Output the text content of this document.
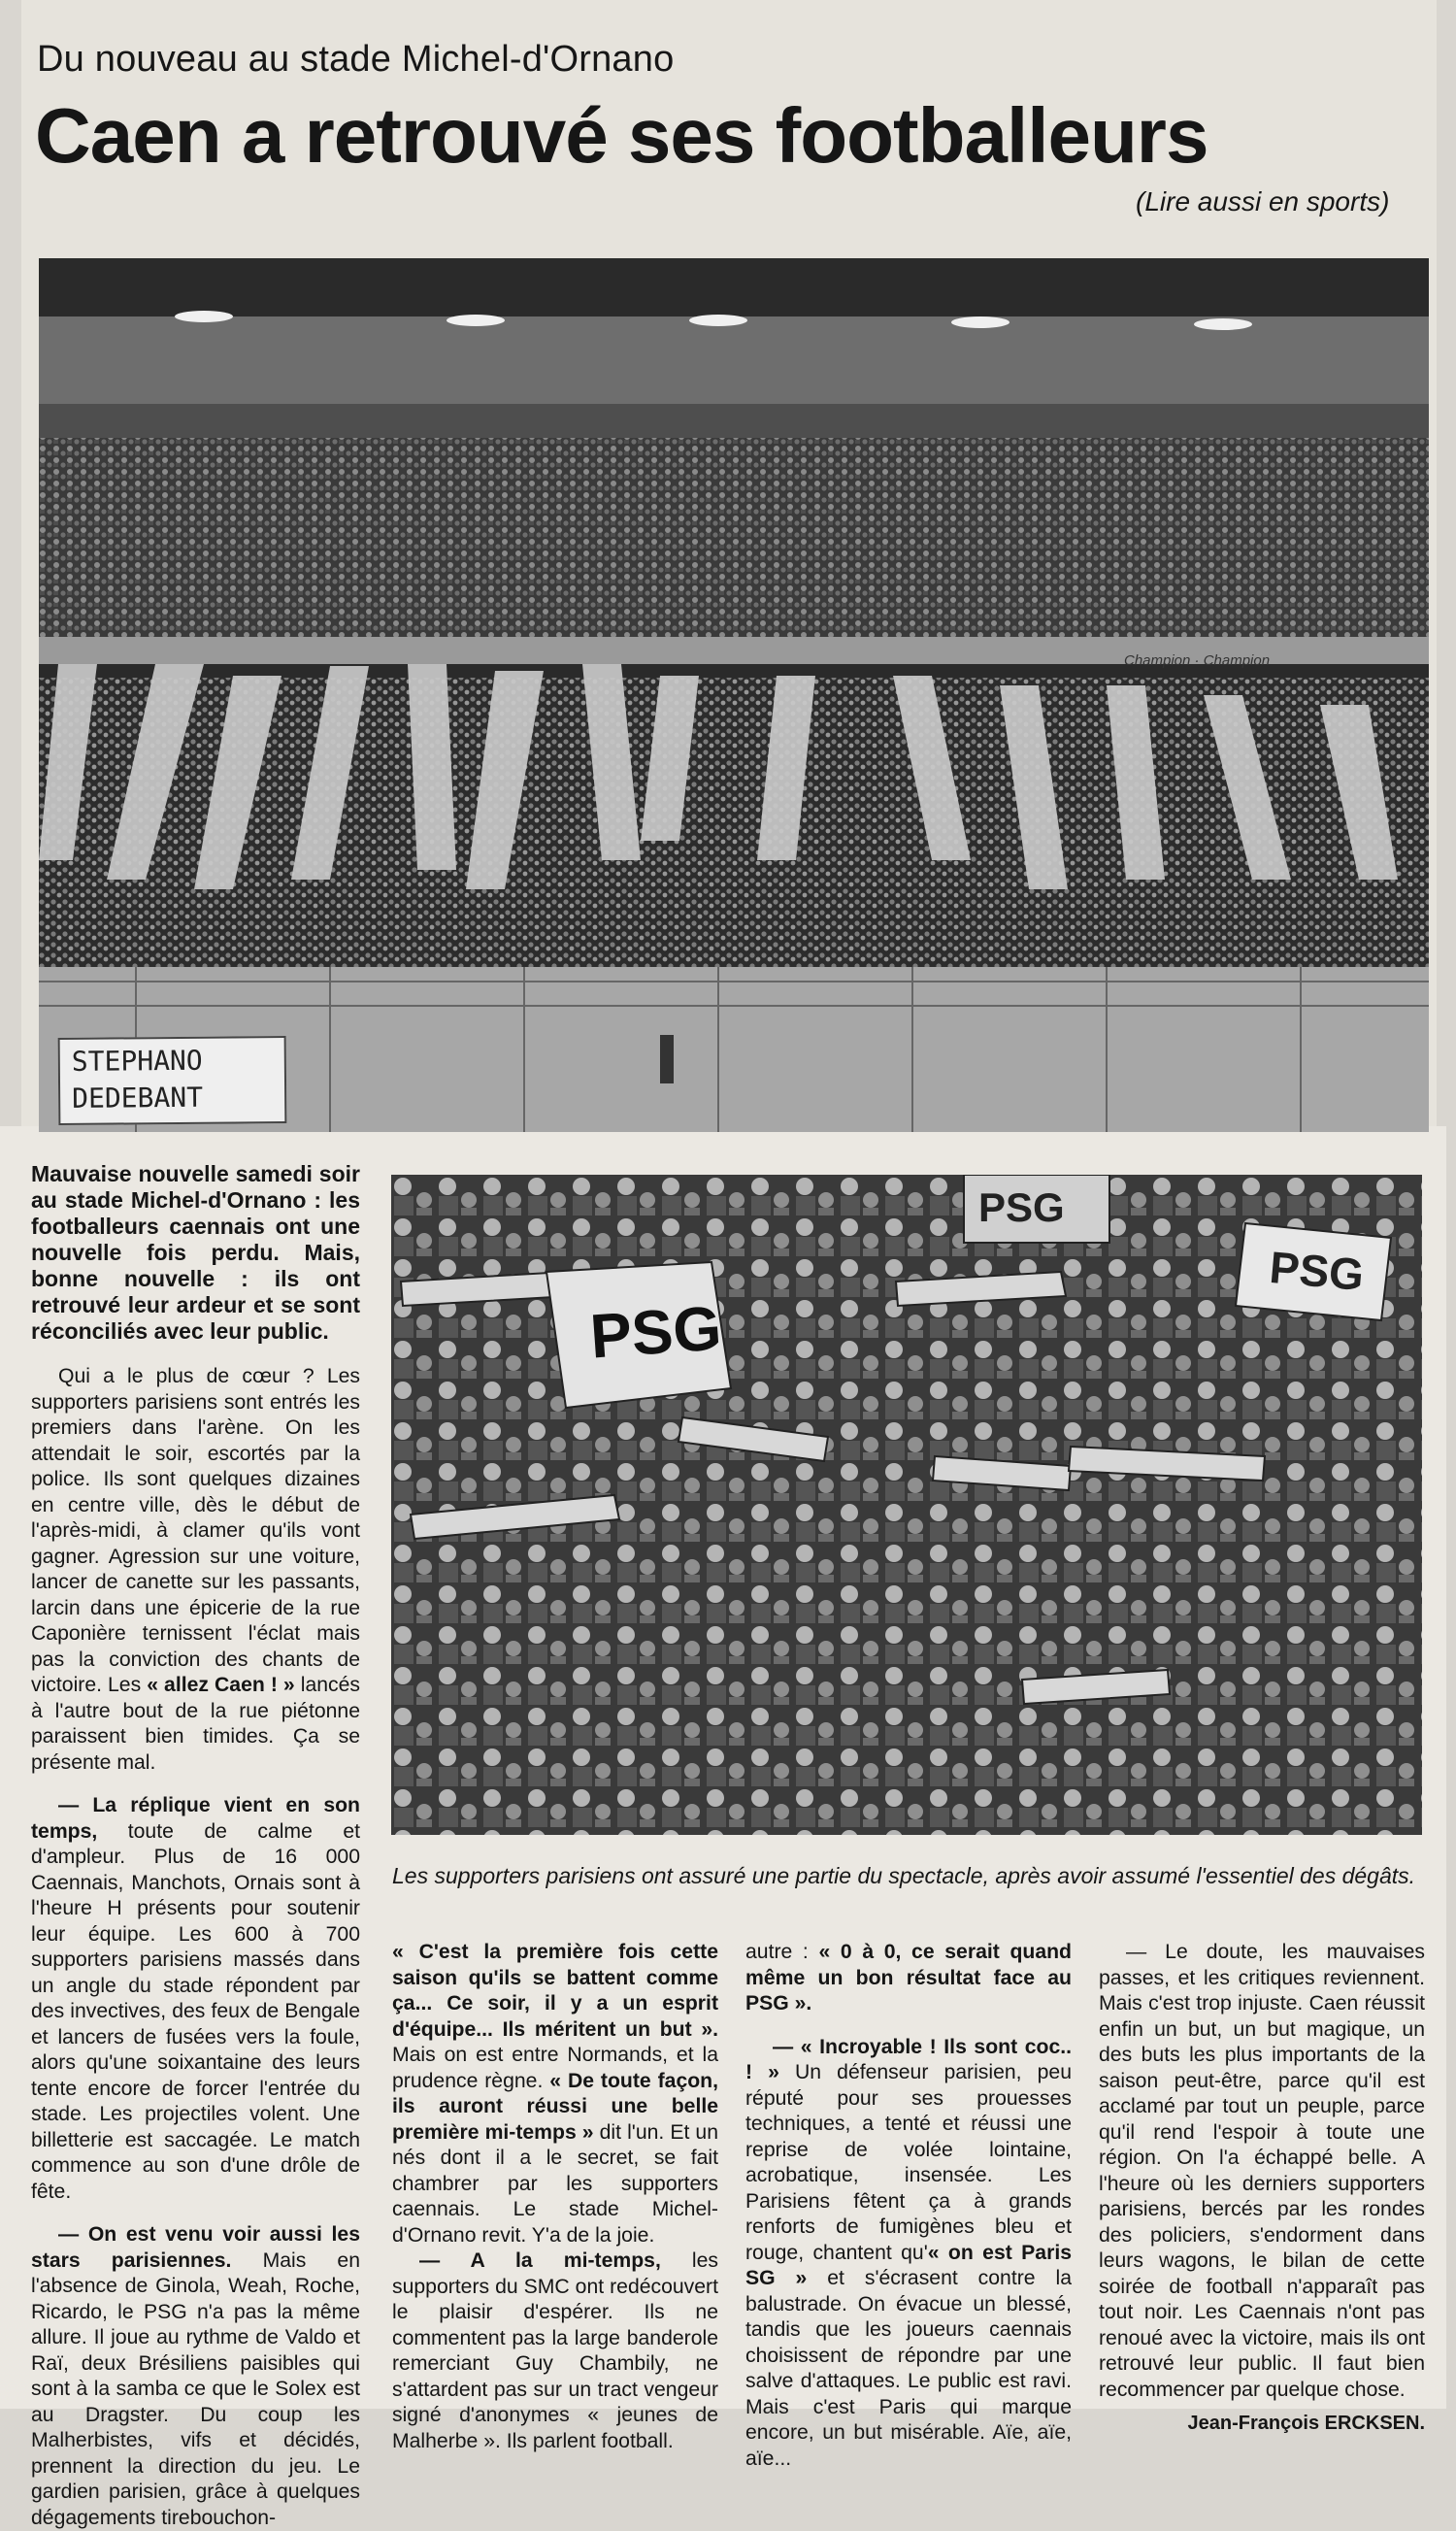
Du nouveau au stade Michel-d'Ornano
Caen a retrouvé ses footballeurs

(Lire aussi en sports)

Champion · Champion
STEPHANO
DEDEBANT
PSG
PSG
PSG

Les supporters parisiens ont assuré une partie du spectacle, après avoir assumé l'essentiel des dégâts.

Mauvaise nouvelle samedi soir au stade Michel-d'Ornano : les footballeurs caennais ont une nouvelle fois perdu. Mais, bonne nouvelle : ils ont retrouvé leur ardeur et se sont réconciliés avec leur public.

Qui a le plus de cœur ? Les supporters parisiens sont entrés les premiers dans l'arène. On les attendait le soir, escortés par la police. Ils sont quelques dizaines en centre ville, dès le début de l'après-midi, à clamer qu'ils vont gagner. Agression sur une voiture, lancer de canette sur les passants, larcin dans une épicerie de la rue Caponière ternissent l'éclat mais pas la conviction des chants de victoire. Les « allez Caen ! » lancés à l'autre bout de la rue piétonne paraissent bien timides. Ça se présente mal.

— La réplique vient en son temps, toute de calme et d'ampleur. Plus de 16 000 Caennais, Manchots, Ornais sont à l'heure H présents pour soutenir leur équipe. Les 600 à 700 supporters parisiens massés dans un angle du stade répondent par des invectives, des feux de Bengale et lancers de fusées vers la foule, alors qu'une soixantaine des leurs tente encore de forcer l'entrée du stade. Les projectiles volent. Une billetterie est saccagée. Le match commence au son d'une drôle de fête.

— On est venu voir aussi les stars parisiennes. Mais en l'absence de Ginola, Weah, Roche, Ricardo, le PSG n'a pas la même allure. Il joue au rythme de Valdo et Raï, deux Brésiliens paisibles qui sont à la samba ce que le Solex est au Dragster. Du coup les Malherbistes, vifs et décidés, prennent la direction du jeu. Le gardien parisien, grâce à quelques dégagements tirebouchon-

« C'est la première fois cette saison qu'ils se battent comme ça... Ce soir, il y a un esprit d'équipe... Ils méritent un but ». Mais on est entre Normands, et la prudence règne. « De toute façon, ils auront réussi une belle première mi-temps » dit l'un. Et un nés dont il a le secret, se fait chambrer par les supporters caennais. Le stade Michel-d'Ornano revit. Y'a de la joie.

— A la mi-temps, les supporters du SMC ont redécouvert le plaisir d'espérer. Ils ne commentent pas la large banderole remerciant Guy Chambily, ne s'attardent pas sur un tract vengeur signé d'anonymes « jeunes de Malherbe ». Ils parlent football.

autre : « 0 à 0, ce serait quand même un bon résultat face au PSG ».

— « Incroyable ! Ils sont coc.. ! » Un défenseur parisien, peu réputé pour ses prouesses techniques, a tenté et réussi une reprise de volée lointaine, acrobatique, insensée. Les Parisiens fêtent ça à grands renforts de fumigènes bleu et rouge, chantent qu'« on est Paris SG » et s'écrasent contre la balustrade. On évacue un blessé, tandis que les joueurs caennais choisissent de répondre par une salve d'attaques. Le public est ravi. Mais c'est Paris qui marque encore, un but misérable. Aïe, aïe, aïe...

— Le doute, les mauvaises passes, et les critiques reviennent. Mais c'est trop injuste. Caen réussit enfin un but, un but magique, un des buts les plus importants de la saison peut-être, parce qu'il est acclamé par tout un peuple, parce qu'il rend l'espoir à toute une région. On l'a échappé belle. A l'heure où les derniers supporters parisiens, bercés par les rondes des policiers, s'endorment dans leurs wagons, le bilan de cette soirée de football n'apparaît pas tout noir. Les Caennais n'ont pas renoué avec la victoire, mais ils ont retrouvé leur public. Il faut bien recommencer par quelque chose.

Jean-François ERCKSEN.
